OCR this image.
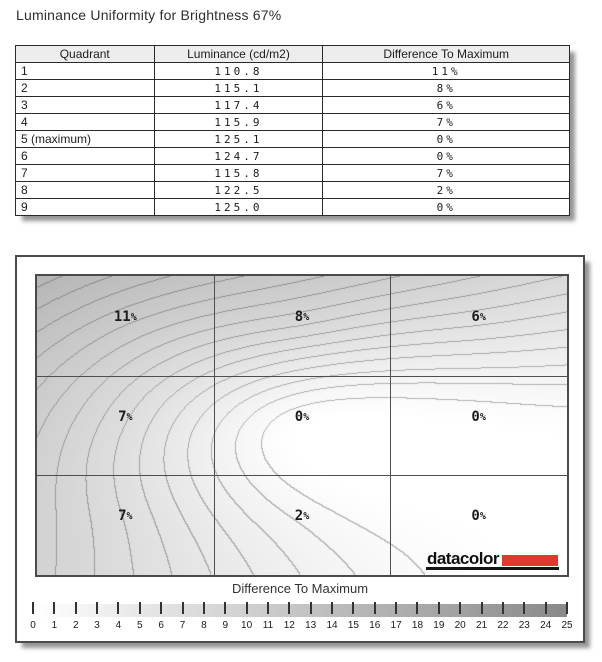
Luminance Uniformity for Brightness 67%
Quadrant	Luminance (cd/m2)	Difference To Maximum
1	110.8	11%
2	115.1	8%
3	117.4	6%
4	115.9	7%
5 (maximum)	125.1	0%
6	124.7	0%
7	115.8	7%
8	122.5	2%
9	125.0	0%
11%	8%	6%
7%	0%	0%
7%	2%	0%
datacolor
Difference To Maximum
0 1 2 3 4 5 6 7 8 9 10 11 12 13 14 15 16 17 18 19 20 21 22 23 24 25
